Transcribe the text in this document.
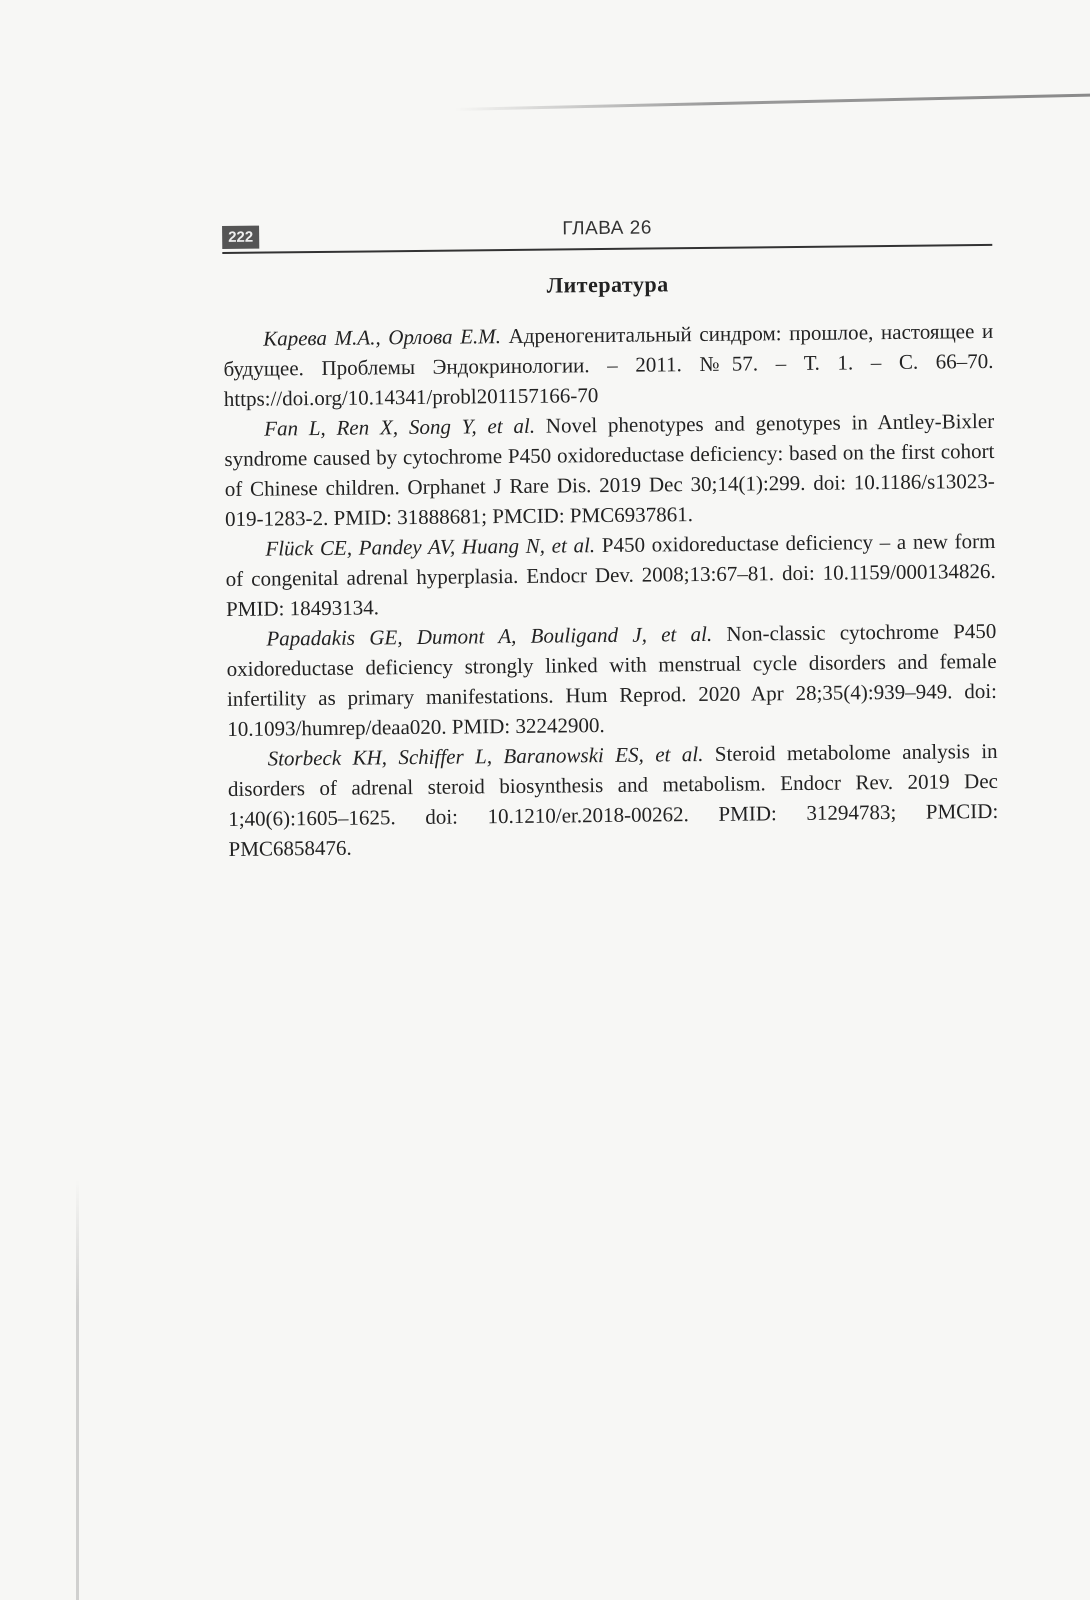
222	ГЛАВА 26
Литература

Карева М.А., Орлова Е.М. Адреногенитальный синдром: прошлое, настоящее и будущее. Проблемы Эндокринологии. – 2011. №57. – Т. 1. – С. 66–70. https://doi.org/10.14341/probl201157166-70

Fan L, Ren X, Song Y, et al. Novel phenotypes and genotypes in Antley-Bixler syndrome caused by cytochrome P450 oxidoreductase deficiency: based on the first cohort of Chinese children. Orphanet J Rare Dis. 2019 Dec 30;14(1):299. doi: 10.1186/s13023-019-1283-2. PMID: 31888681; PMCID: PMC6937861.

Flück CE, Pandey AV, Huang N, et al. P450 oxidoreductase deficiency – a new form of congenital adrenal hyperplasia. Endocr Dev. 2008;13:67–81. doi: 10.1159/000134826. PMID: 18493134.

Papadakis GE, Dumont A, Bouligand J, et al. Non-classic cytochrome P450 oxidoreductase deficiency strongly linked with menstrual cycle disorders and female infertility as primary manifestations. Hum Reprod. 2020 Apr 28;35(4):939–949. doi: 10.1093/humrep/deaa020. PMID: 32242900.

Storbeck KH, Schiffer L, Baranowski ES, et al. Steroid metabolome analysis in disorders of adrenal steroid biosynthesis and metabolism. Endocr Rev. 2019 Dec 1;40(6):1605–1625. doi: 10.1210/er.2018-00262. PMID: 31294783; PMCID: PMC6858476.
